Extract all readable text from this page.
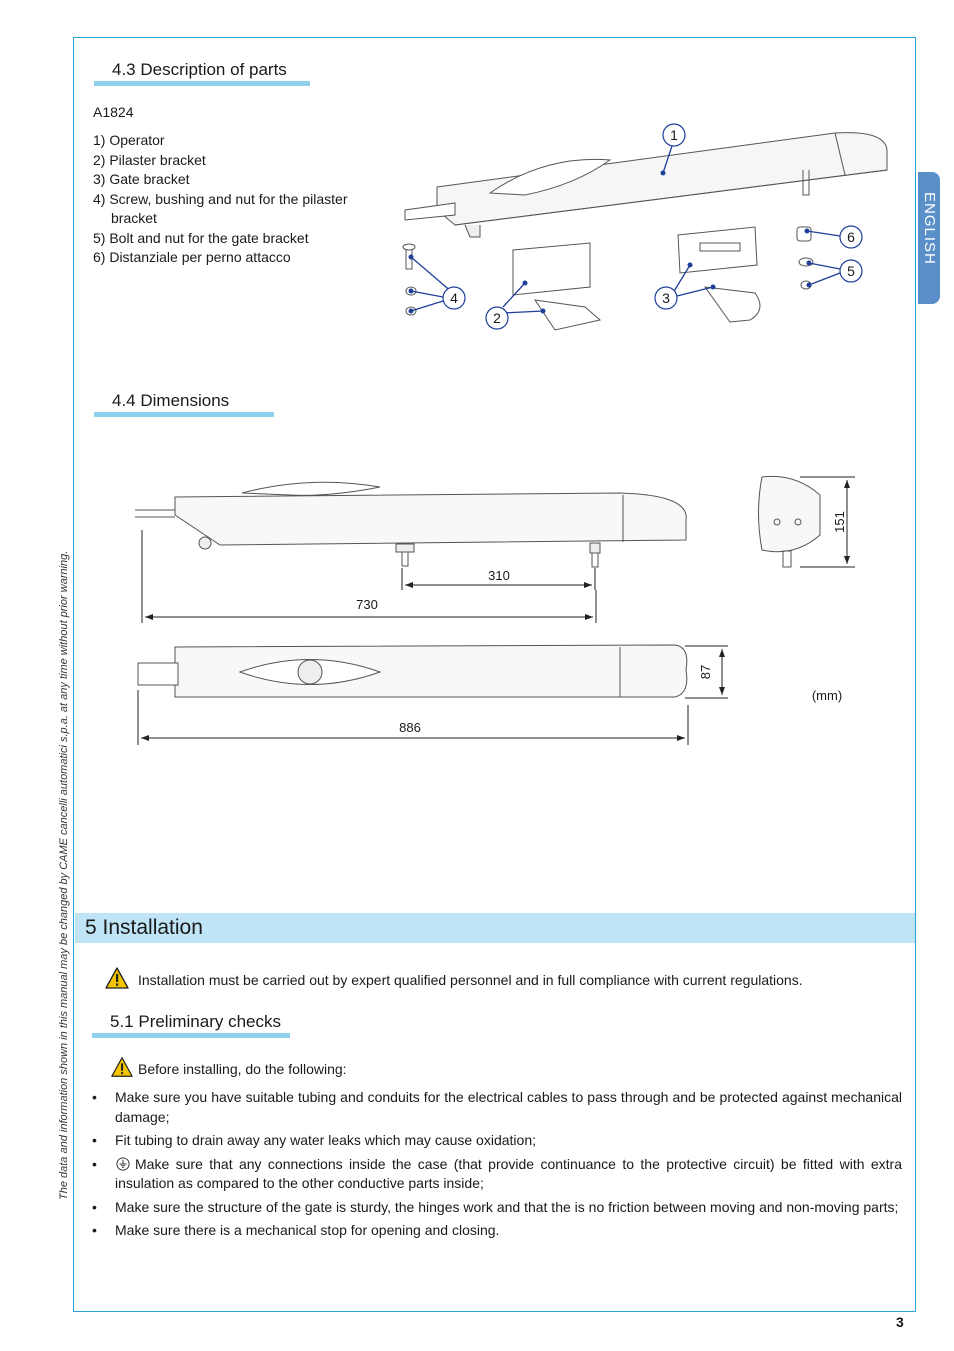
The data and information shown in this manual may be changed by CAME cancelli automatici s.p.a. at any time without prior warning.
ENGLISH
4.3 Description of parts
A1824
1) Operator
2) Pilaster bracket
3) Gate bracket
4) Screw, bushing and nut for the pilaster
bracket
5) Bolt and nut for the gate bracket
6) Distanziale per perno attacco
1
2
3
4
5
6
4.4 Dimensions
310
730
886
(mm)
151
87
5 Installation
Installation must be carried out by expert qualified personnel and in full compliance with current regulations.
5.1 Preliminary checks
Before installing, do the following:
• Make sure you have suitable tubing and conduits for the electrical cables to pass through and be protected against mechanical damage;
• Fit tubing to drain away any water leaks which may cause oxidation;
• Make sure that any connections inside the case (that provide continuance to the protective circuit) be fitted with extra insulation as compared to the other conductive parts inside;
• Make sure the structure of the gate is sturdy, the hinges work and that the is no friction between moving and non-moving parts;
• Make sure there is a mechanical stop for opening and closing.
3
